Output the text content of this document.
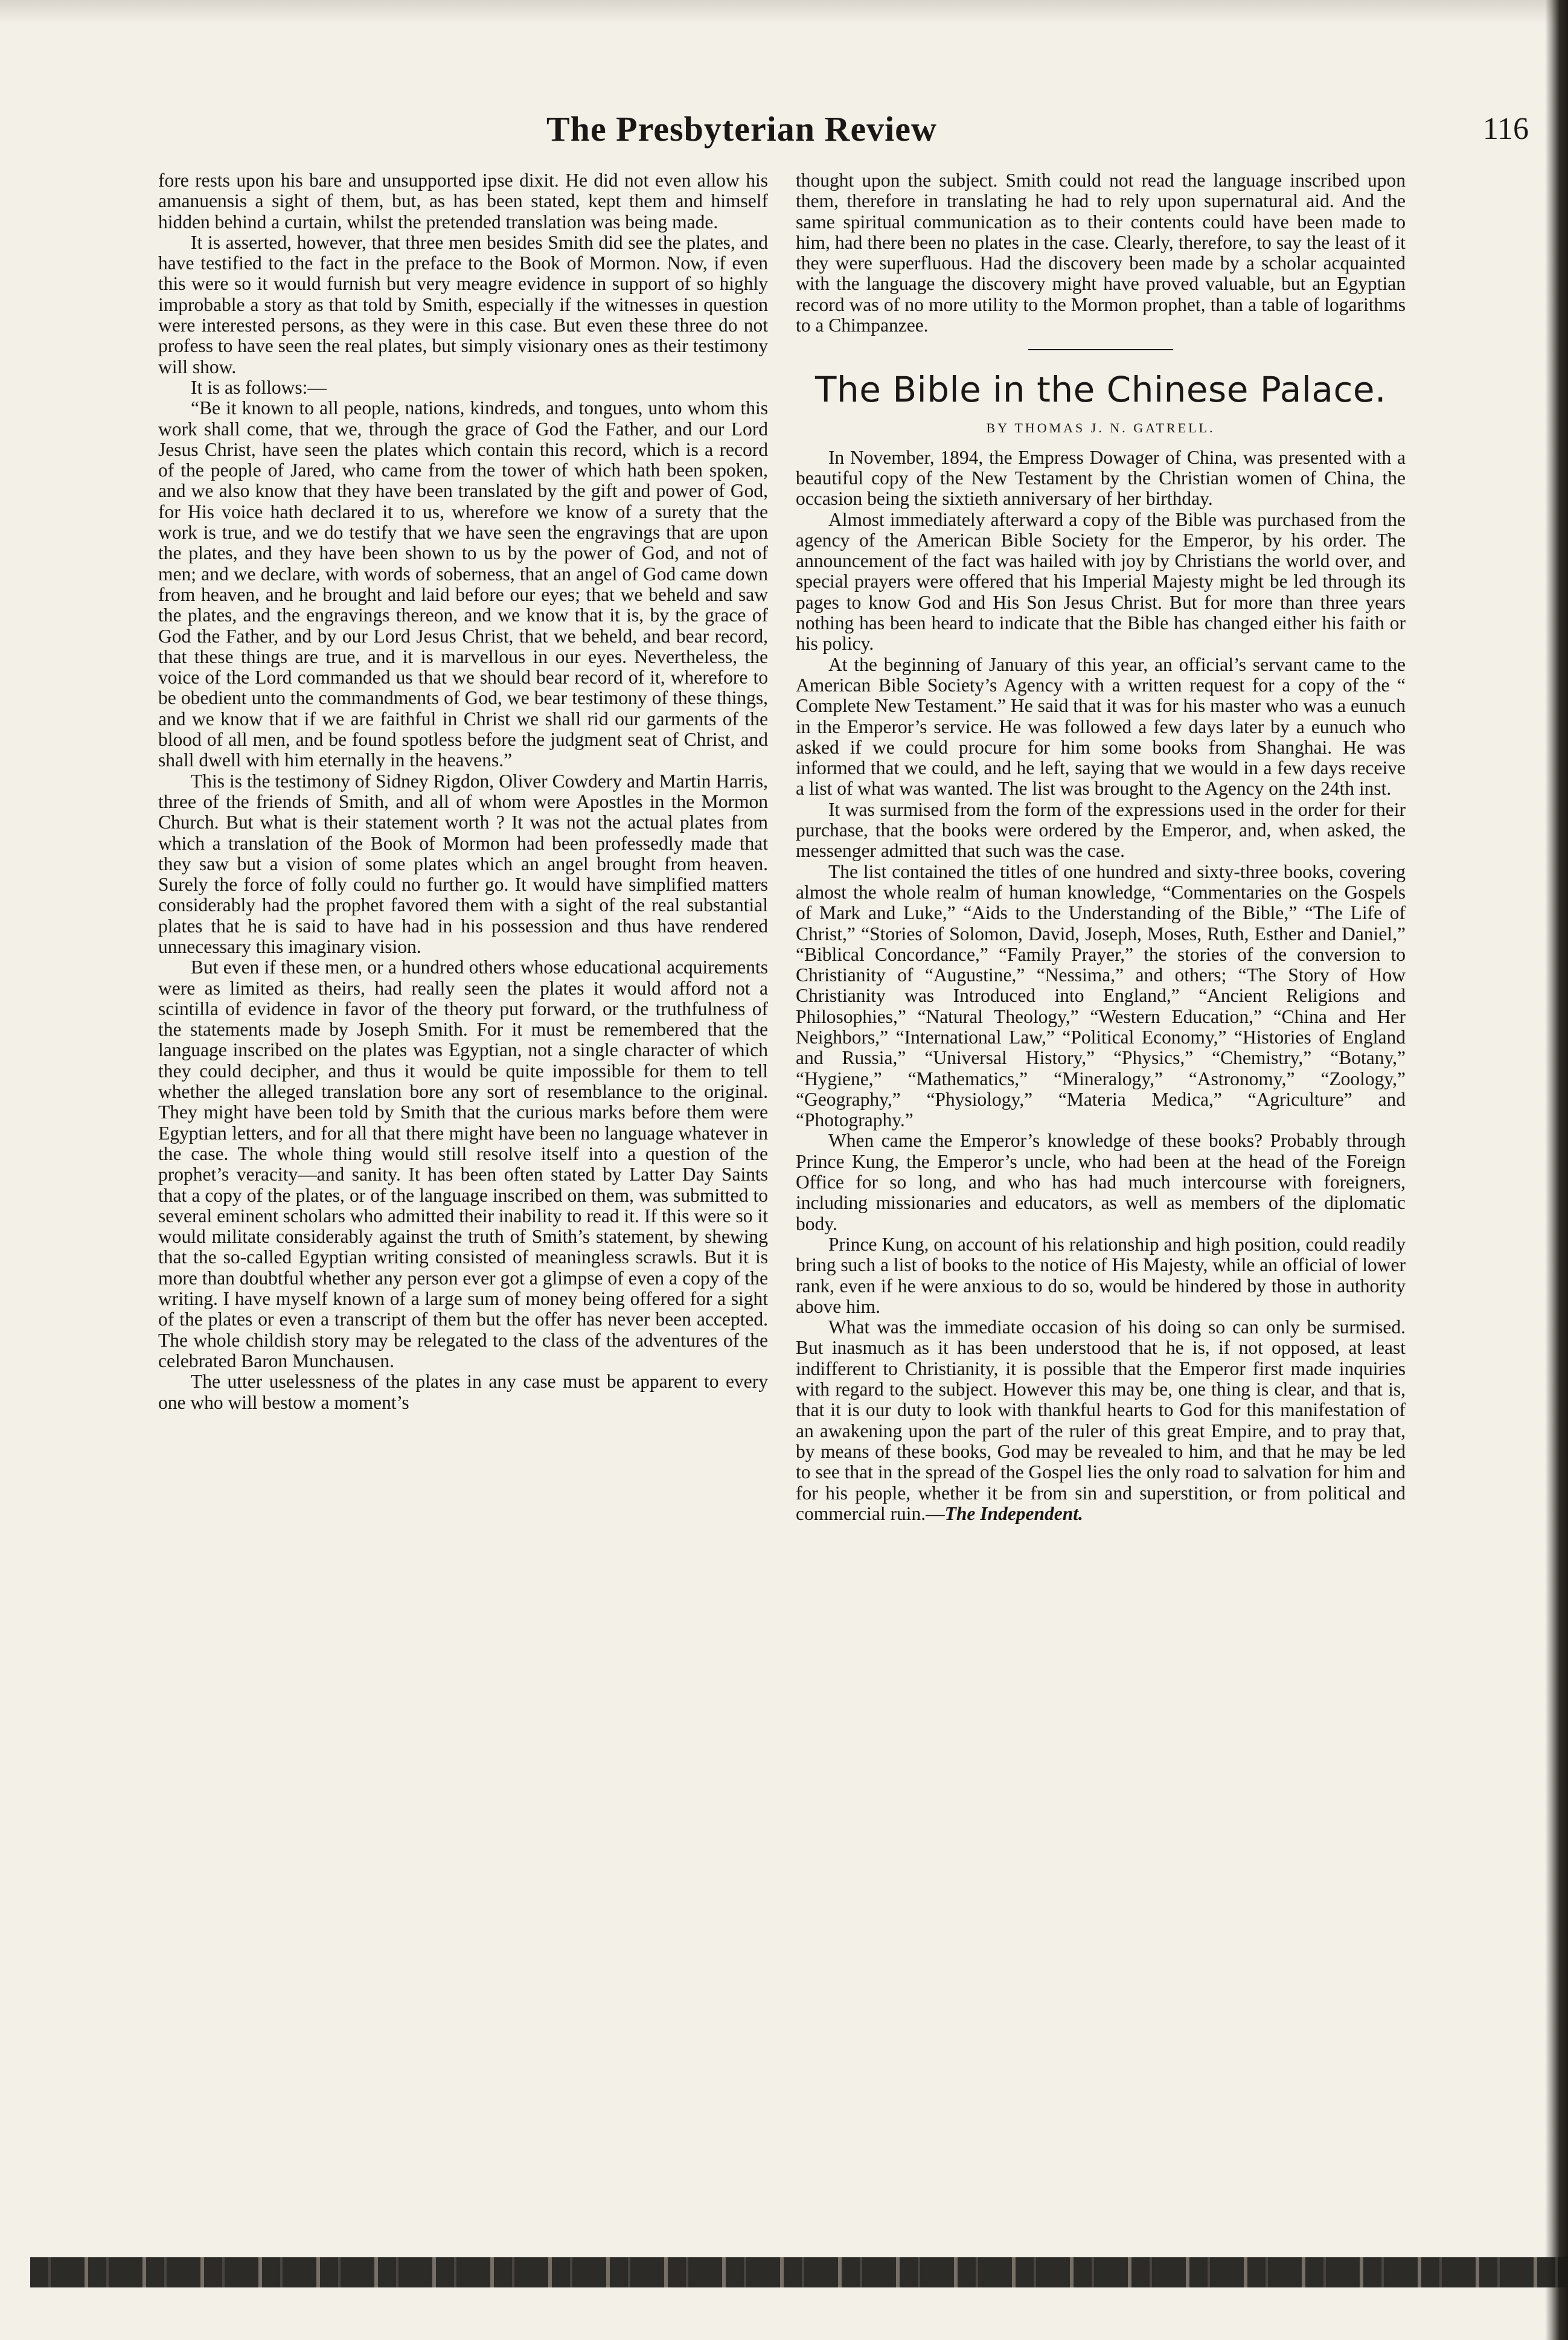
The Presbyterian Review	116

fore rests upon his bare and unsupported ipse dixit. He did not even allow his amanuensis a sight of them, but, as has been stated, kept them and himself hidden behind a curtain, whilst the pretended translation was being made.

It is asserted, however, that three men besides Smith did see the plates, and have testified to the fact in the preface to the Book of Mormon. Now, if even this were so it would furnish but very meagre evidence in support of so highly improbable a story as that told by Smith, especially if the witnesses in question were interested persons, as they were in this case. But even these three do not profess to have seen the real plates, but simply visionary ones as their testimony will show.

It is as follows:—

“Be it known to all people, nations, kindreds, and tongues, unto whom this work shall come, that we, through the grace of God the Father, and our Lord Jesus Christ, have seen the plates which contain this record, which is a record of the people of Jared, who came from the tower of which hath been spoken, and we also know that they have been translated by the gift and power of God, for His voice hath declared it to us, wherefore we know of a surety that the work is true, and we do testify that we have seen the engravings that are upon the plates, and they have been shown to us by the power of God, and not of men; and we declare, with words of soberness, that an angel of God came down from heaven, and he brought and laid before our eyes; that we beheld and saw the plates, and the engravings thereon, and we know that it is, by the grace of God the Father, and by our Lord Jesus Christ, that we beheld, and bear record, that these things are true, and it is marvellous in our eyes. Nevertheless, the voice of the Lord commanded us that we should bear record of it, wherefore to be obedient unto the commandments of God, we bear testimony of these things, and we know that if we are faithful in Christ we shall rid our garments of the blood of all men, and be found spotless before the judgment seat of Christ, and shall dwell with him eternally in the heavens.”

This is the testimony of Sidney Rigdon, Oliver Cowdery and Martin Harris, three of the friends of Smith, and all of whom were Apostles in the Mormon Church. But what is their statement worth ? It was not the actual plates from which a translation of the Book of Mormon had been professedly made that they saw but a vision of some plates which an angel brought from heaven. Surely the force of folly could no further go. It would have simplified matters considerably had the prophet favored them with a sight of the real substantial plates that he is said to have had in his possession and thus have rendered unnecessary this imaginary vision.

But even if these men, or a hundred others whose educational acquirements were as limited as theirs, had really seen the plates it would afford not a scintilla of evidence in favor of the theory put forward, or the truthfulness of the statements made by Joseph Smith. For it must be remembered that the language inscribed on the plates was Egyptian, not a single character of which they could decipher, and thus it would be quite impossible for them to tell whether the alleged translation bore any sort of resemblance to the original. They might have been told by Smith that the curious marks before them were Egyptian letters, and for all that there might have been no language whatever in the case. The whole thing would still resolve itself into a question of the prophet’s veracity—and sanity. It has been often stated by Latter Day Saints that a copy of the plates, or of the language inscribed on them, was submitted to several eminent scholars who admitted their inability to read it. If this were so it would militate considerably against the truth of Smith’s statement, by shewing that the so-called Egyptian writing consisted of meaningless scrawls. But it is more than doubtful whether any person ever got a glimpse of even a copy of the writing. I have myself known of a large sum of money being offered for a sight of the plates or even a transcript of them but the offer has never been accepted. The whole childish story may be relegated to the class of the adventures of the celebrated Baron Munchausen.

The utter uselessness of the plates in any case must be apparent to every one who will bestow a moment’s

thought upon the subject. Smith could not read the language inscribed upon them, therefore in translating he had to rely upon supernatural aid. And the same spiritual communication as to their contents could have been made to him, had there been no plates in the case. Clearly, therefore, to say the least of it they were superfluous. Had the discovery been made by a scholar acquainted with the language the discovery might have proved valuable, but an Egyptian record was of no more utility to the Mormon prophet, than a table of logarithms to a Chimpanzee.

The Bible in the Chinese Palace.
BY THOMAS J. N. GATRELL.

In November, 1894, the Empress Dowager of China, was presented with a beautiful copy of the New Testament by the Christian women of China, the occasion being the sixtieth anniversary of her birthday.

Almost immediately afterward a copy of the Bible was purchased from the agency of the American Bible Society for the Emperor, by his order. The announcement of the fact was hailed with joy by Christians the world over, and special prayers were offered that his Imperial Majesty might be led through its pages to know God and His Son Jesus Christ. But for more than three years nothing has been heard to indicate that the Bible has changed either his faith or his policy.

At the beginning of January of this year, an official’s servant came to the American Bible Society’s Agency with a written request for a copy of the “ Complete New Testament.” He said that it was for his master who was a eunuch in the Emperor’s service. He was followed a few days later by a eunuch who asked if we could procure for him some books from Shanghai. He was informed that we could, and he left, saying that we would in a few days receive a list of what was wanted. The list was brought to the Agency on the 24th inst.

It was surmised from the form of the expressions used in the order for their purchase, that the books were ordered by the Emperor, and, when asked, the messenger admitted that such was the case.

The list contained the titles of one hundred and sixty-three books, covering almost the whole realm of human knowledge, “Commentaries on the Gospels of Mark and Luke,” “Aids to the Understanding of the Bible,” “The Life of Christ,” “Stories of Solomon, David, Joseph, Moses, Ruth, Esther and Daniel,” “Biblical Concordance,” “Family Prayer,” the stories of the conversion to Christianity of “Augustine,” “Nessima,” and others; “The Story of How Christianity was Introduced into England,” “Ancient Religions and Philosophies,” “Natural Theology,” “Western Education,” “China and Her Neighbors,” “International Law,” “Political Economy,” “Histories of England and Russia,” “Universal History,” “Physics,” “Chemistry,” “Botany,” “Hygiene,” “Mathematics,” “Mineralogy,” “Astronomy,” “Zoology,” “Geography,” “Physiology,” “Materia Medica,” “Agriculture” and “Photography.”

When came the Emperor’s knowledge of these books? Probably through Prince Kung, the Emperor’s uncle, who had been at the head of the Foreign Office for so long, and who has had much intercourse with foreigners, including missionaries and educators, as well as members of the diplomatic body.

Prince Kung, on account of his relationship and high position, could readily bring such a list of books to the notice of His Majesty, while an official of lower rank, even if he were anxious to do so, would be hindered by those in authority above him.

What was the immediate occasion of his doing so can only be surmised. But inasmuch as it has been understood that he is, if not opposed, at least indifferent to Christianity, it is possible that the Emperor first made inquiries with regard to the subject. However this may be, one thing is clear, and that is, that it is our duty to look with thankful hearts to God for this manifestation of an awakening upon the part of the ruler of this great Empire, and to pray that, by means of these books, God may be revealed to him, and that he may be led to see that in the spread of the Gospel lies the only road to salvation for him and for his people, whether it be from sin and superstition, or from political and commercial ruin.—The Independent.
